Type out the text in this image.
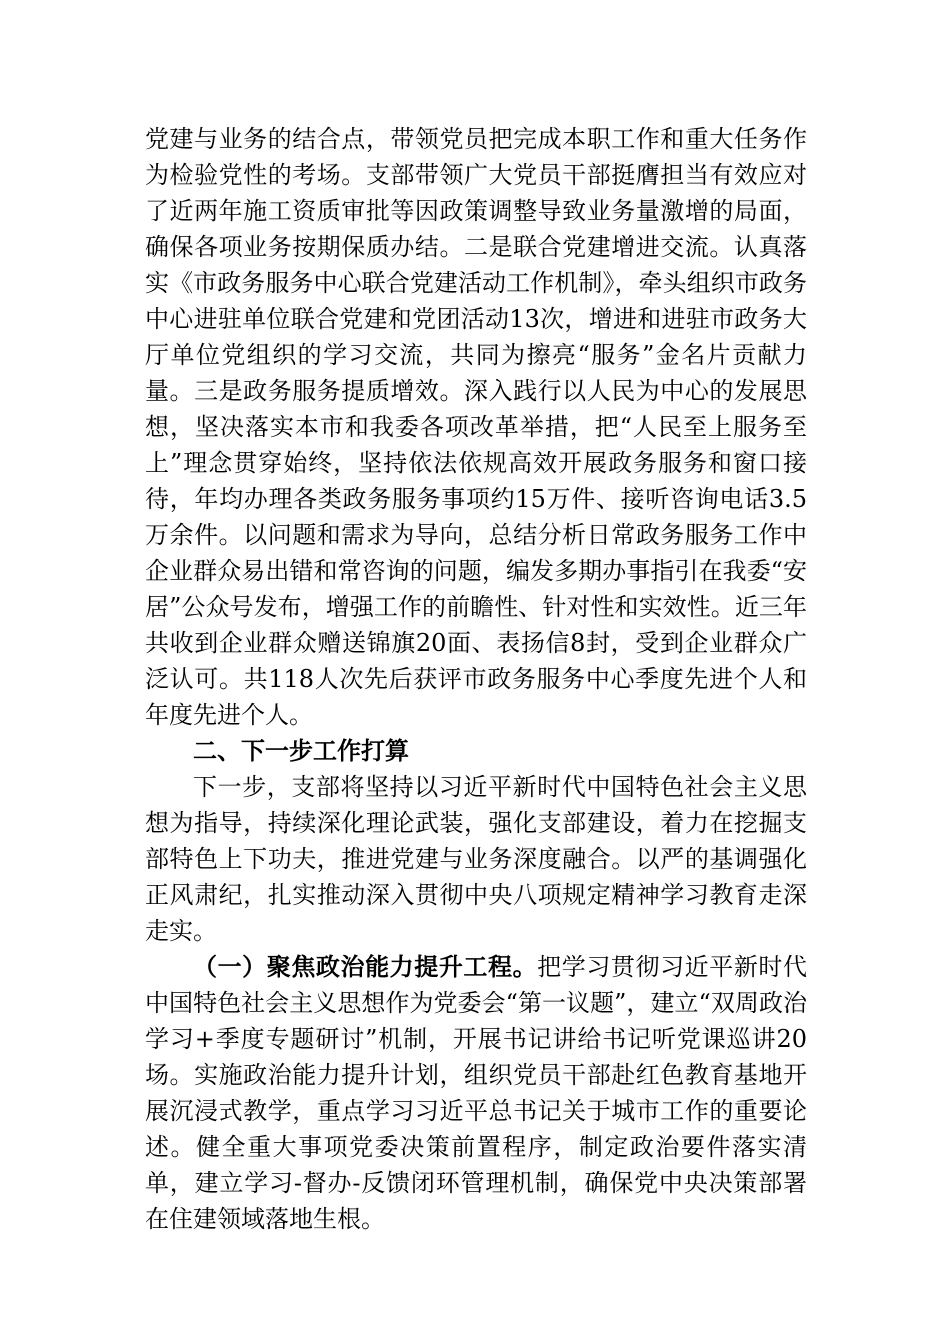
党建与业务的结合点，带领党员把完成本职工作和重大任务作为检验党性的考场。支部带领广大党员干部挺膺担当有效应对了近两年施工资质审批等因政策调整导致业务量激增的局面，确保各项业务按期保质办结。二是联合党建增进交流。认真落实《市政务服务中心联合党建活动工作机制》，牵头组织市政务中心进驻单位联合党建和党团活动13次，增进和进驻市政务大厅单位党组织的学习交流，共同为擦亮“服务”金名片贡献力量。三是政务服务提质增效。深入践行以人民为中心的发展思想，坚决落实本市和我委各项改革举措，把“人民至上服务至上”理念贯穿始终，坚持依法依规高效开展政务服务和窗口接待，年均办理各类政务服务事项约15万件、接听咨询电话3.5万余件。以问题和需求为导向，总结分析日常政务服务工作中企业群众易出错和常咨询的问题，编发多期办事指引在我委“安居”公众号发布，增强工作的前瞻性、针对性和实效性。近三年共收到企业群众赠送锦旗20面、表扬信8封，受到企业群众广泛认可。共118人次先后获评市政务服务中心季度先进个人和年度先进个人。

二、下一步工作打算

下一步，支部将坚持以习近平新时代中国特色社会主义思想为指导，持续深化理论武装，强化支部建设，着力在挖掘支部特色上下功夫，推进党建与业务深度融合。以严的基调强化正风肃纪，扎实推动深入贯彻中央八项规定精神学习教育走深走实。

（一）聚焦政治能力提升工程。把学习贯彻习近平新时代中国特色社会主义思想作为党委会“第一议题”，建立“双周政治学习+季度专题研讨”机制，开展书记讲给书记听党课巡讲20场。实施政治能力提升计划，组织党员干部赴红色教育基地开展沉浸式教学，重点学习习近平总书记关于城市工作的重要论述。健全重大事项党委决策前置程序，制定政治要件落实清单，建立学习-督办-反馈闭环管理机制，确保党中央决策部署在住建领域落地生根。
